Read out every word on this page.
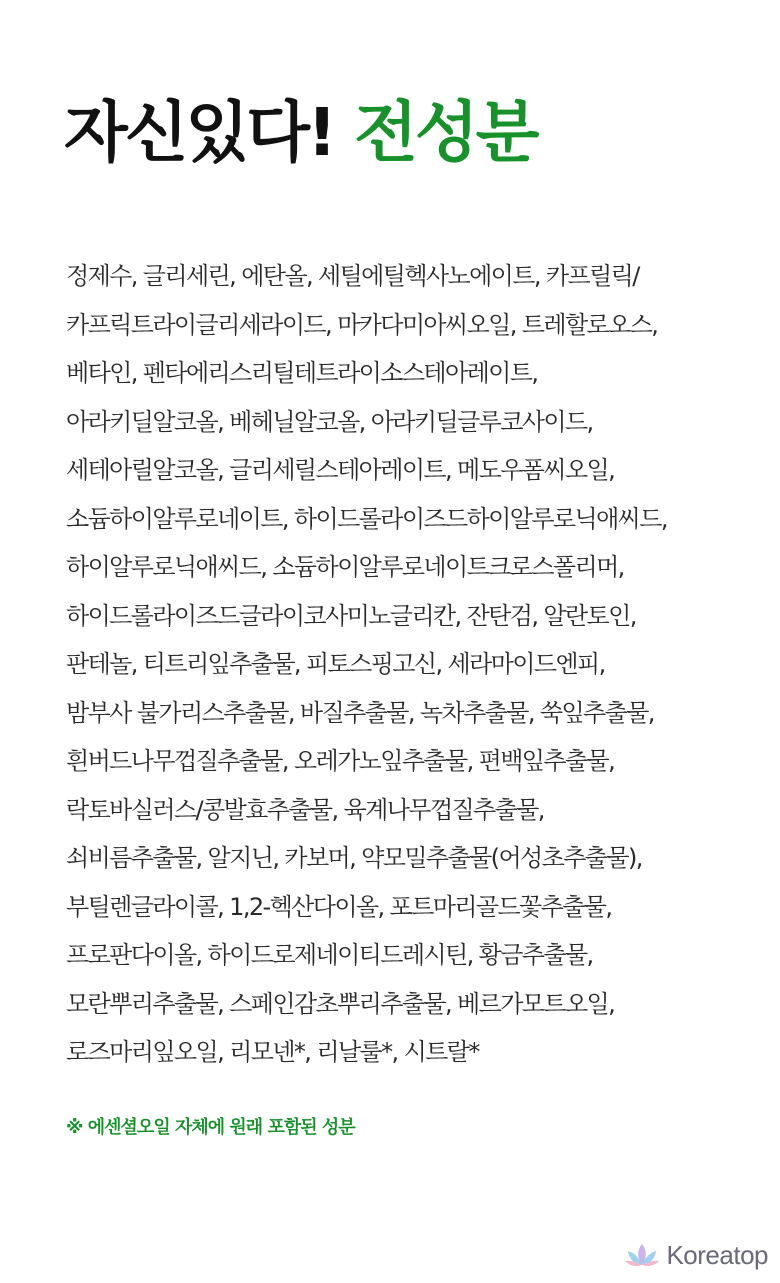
자신있다! 전성분
정제수, 글리세린, 에탄올, 세틸에틸헥사노에이트, 카프릴릭/
카프릭트라이글리세라이드, 마카다미아씨오일, 트레할로오스,
베타인, 펜타에리스리틸테트라이소스테아레이트,
아라키딜알코올, 베헤닐알코올, 아라키딜글루코사이드,
세테아릴알코올, 글리세릴스테아레이트, 메도우폼씨오일,
소듐하이알루로네이트, 하이드롤라이즈드하이알루로닉애씨드,
하이알루로닉애씨드, 소듐하이알루로네이트크로스폴리머,
하이드롤라이즈드글라이코사미노글리칸, 잔탄검, 알란토인,
판테놀, 티트리잎추출물, 피토스핑고신, 세라마이드엔피,
밤부사 불가리스추출물, 바질추출물, 녹차추출물, 쑥잎추출물,
흰버드나무껍질추출물, 오레가노잎추출물, 편백잎추출물,
락토바실러스/콩발효추출물, 육계나무껍질추출물,
쇠비름추출물, 알지닌, 카보머, 약모밀추출물(어성초추출물),
부틸렌글라이콜, 1,2-헥산다이올, 포트마리골드꽃추출물,
프로판다이올, 하이드로제네이티드레시틴, 황금추출물,
모란뿌리추출물, 스페인감초뿌리추출물, 베르가모트오일,
로즈마리잎오일, 리모넨*, 리날룰*, 시트랄*
※ 에센셜오일 자체에 원래 포함된 성분
Koreatop
